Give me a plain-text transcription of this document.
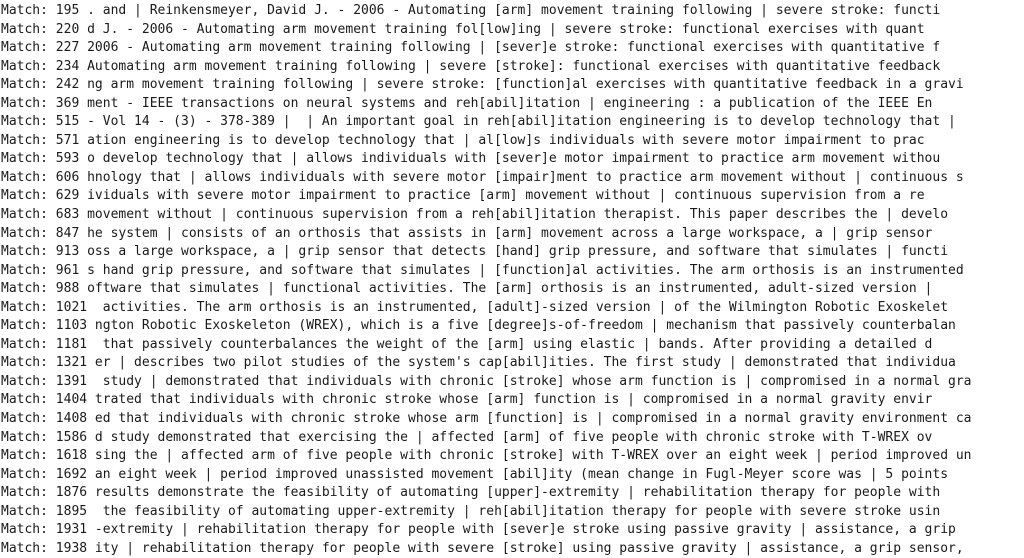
Match: 195 . and | Reinkensmeyer, David J. - 2006 - Automating [arm] movement training following | severe stroke: functi
Match: 220 d J. - 2006 - Automating arm movement training fol[low]ing | severe stroke: functional exercises with quant
Match: 227 2006 - Automating arm movement training following | [sever]e stroke: functional exercises with quantitative f
Match: 234 Automating arm movement training following | severe [stroke]: functional exercises with quantitative feedback
Match: 242 ng arm movement training following | severe stroke: [function]al exercises with quantitative feedback in a gravi
Match: 369 ment - IEEE transactions on neural systems and reh[abil]itation | engineering : a publication of the IEEE En
Match: 515 - Vol 14 - (3) - 378-389 |  | An important goal in reh[abil]itation engineering is to develop technology that |
Match: 571 ation engineering is to develop technology that | al[low]s individuals with severe motor impairment to prac
Match: 593 o develop technology that | allows individuals with [sever]e motor impairment to practice arm movement withou
Match: 606 hnology that | allows individuals with severe motor [impair]ment to practice arm movement without | continuous s
Match: 629 ividuals with severe motor impairment to practice [arm] movement without | continuous supervision from a re
Match: 683 movement without | continuous supervision from a reh[abil]itation therapist. This paper describes the | develo
Match: 847 he system | consists of an orthosis that assists in [arm] movement across a large workspace, a | grip sensor
Match: 913 oss a large workspace, a | grip sensor that detects [hand] grip pressure, and software that simulates | functi
Match: 961 s hand grip pressure, and software that simulates | [function]al activities. The arm orthosis is an instrumented
Match: 988 oftware that simulates | functional activities. The [arm] orthosis is an instrumented, adult-sized version |
Match: 1021  activities. The arm orthosis is an instrumented, [adult]-sized version | of the Wilmington Robotic Exoskelet
Match: 1103 ngton Robotic Exoskeleton (WREX), which is a five [degree]s-of-freedom | mechanism that passively counterbalan
Match: 1181  that passively counterbalances the weight of the [arm] using elastic | bands. After providing a detailed d
Match: 1321 er | describes two pilot studies of the system's cap[abil]ities. The first study | demonstrated that individua
Match: 1391  study | demonstrated that individuals with chronic [stroke] whose arm function is | compromised in a normal gra
Match: 1404 trated that individuals with chronic stroke whose [arm] function is | compromised in a normal gravity envir
Match: 1408 ed that individuals with chronic stroke whose arm [function] is | compromised in a normal gravity environment ca
Match: 1586 d study demonstrated that exercising the | affected [arm] of five people with chronic stroke with T-WREX ov
Match: 1618 sing the | affected arm of five people with chronic [stroke] with T-WREX over an eight week | period improved un
Match: 1692 an eight week | period improved unassisted movement [abil]ity (mean change in Fugl-Meyer score was | 5 points
Match: 1876 results demonstrate the feasibility of automating [upper]-extremity | rehabilitation therapy for people with
Match: 1895  the feasibility of automating upper-extremity | reh[abil]itation therapy for people with severe stroke usin
Match: 1931 -extremity | rehabilitation therapy for people with [sever]e stroke using passive gravity | assistance, a grip
Match: 1938 ity | rehabilitation therapy for people with severe [stroke] using passive gravity | assistance, a grip sensor,
